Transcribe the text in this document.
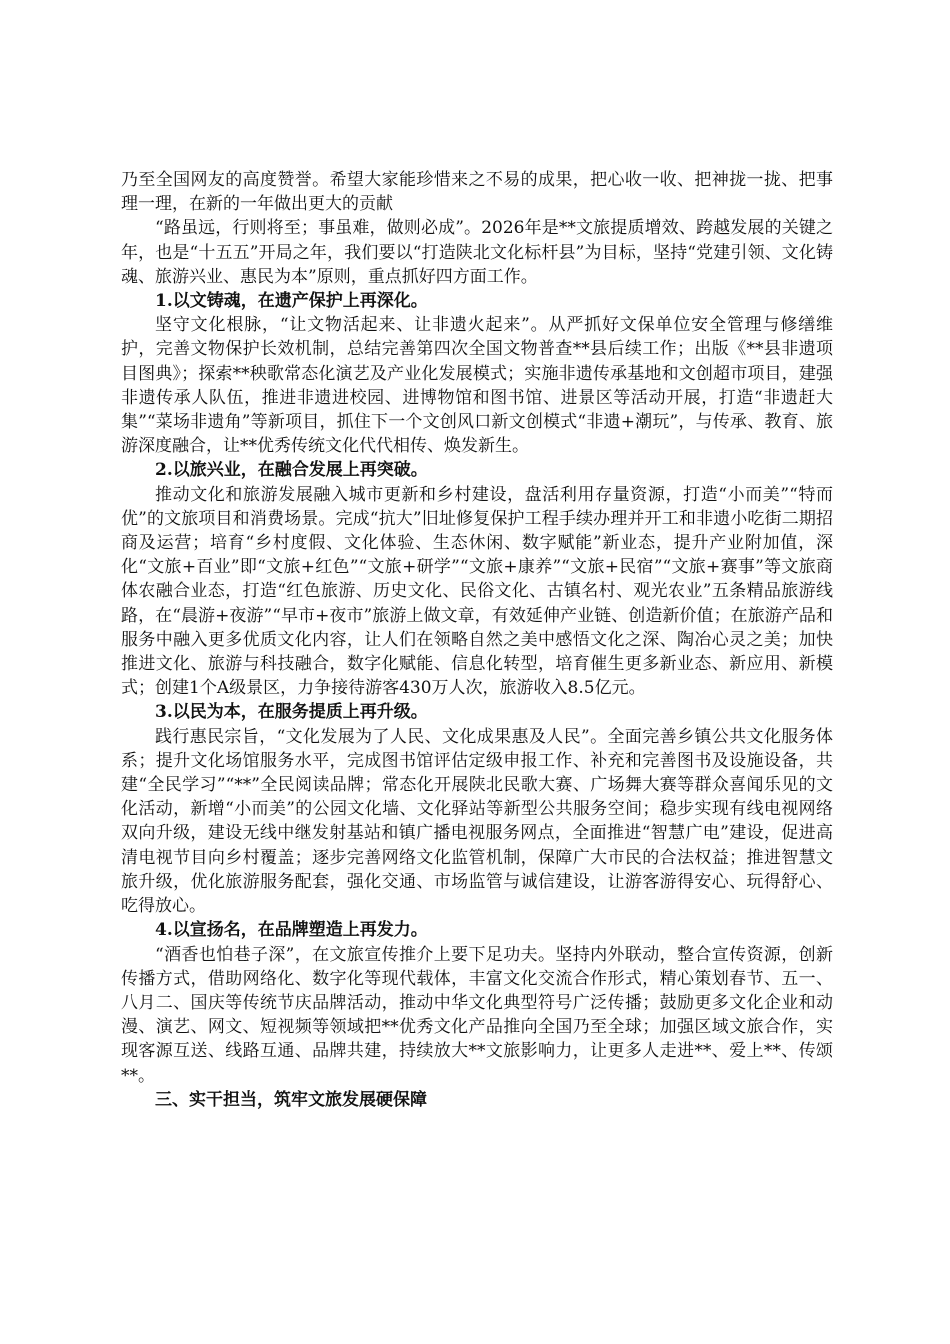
乃至全国网友的高度赞誉。希望大家能珍惜来之不易的成果，把心收一收、把神拢一拢、把事理一理，在新的一年做出更大的贡献

“路虽远，行则将至；事虽难，做则必成”。2026年是**文旅提质增效、跨越发展的关键之年，也是“十五五”开局之年，我们要以“打造陕北文化标杆县”为目标，坚持“党建引领、文化铸魂、旅游兴业、惠民为本”原则，重点抓好四方面工作。

1.以文铸魂，在遗产保护上再深化。

坚守文化根脉，“让文物活起来、让非遗火起来”。从严抓好文保单位安全管理与修缮维护，完善文物保护长效机制，总结完善第四次全国文物普查**县后续工作；出版《**县非遗项目图典》；探索**秧歌常态化演艺及产业化发展模式；实施非遗传承基地和文创超市项目，建强非遗传承人队伍，推进非遗进校园、进博物馆和图书馆、进景区等活动开展，打造“非遗赶大集”“菜场非遗角”等新项目，抓住下一个文创风口新文创模式“非遗+潮玩”，与传承、教育、旅游深度融合，让**优秀传统文化代代相传、焕发新生。

2.以旅兴业，在融合发展上再突破。

推动文化和旅游发展融入城市更新和乡村建设，盘活利用存量资源，打造“小而美”“特而优”的文旅项目和消费场景。完成“抗大”旧址修复保护工程手续办理并开工和非遗小吃街二期招商及运营；培育“乡村度假、文化体验、生态休闲、数字赋能”新业态，提升产业附加值，深化“文旅+百业”即“文旅+红色”“文旅+研学”“文旅+康养”“文旅+民宿”“文旅+赛事”等文旅商体农融合业态，打造“红色旅游、历史文化、民俗文化、古镇名村、观光农业”五条精品旅游线路，在“晨游+夜游”“早市+夜市”旅游上做文章，有效延伸产业链、创造新价值；在旅游产品和服务中融入更多优质文化内容，让人们在领略自然之美中感悟文化之深、陶冶心灵之美；加快推进文化、旅游与科技融合，数字化赋能、信息化转型，培育催生更多新业态、新应用、新模式；创建1个A级景区，力争接待游客430万人次，旅游收入8.5亿元。

3.以民为本，在服务提质上再升级。

践行惠民宗旨，“文化发展为了人民、文化成果惠及人民”。全面完善乡镇公共文化服务体系；提升文化场馆服务水平，完成图书馆评估定级申报工作、补充和完善图书及设施设备，共建“全民学习”“**”全民阅读品牌；常态化开展陕北民歌大赛、广场舞大赛等群众喜闻乐见的文化活动，新增“小而美”的公园文化墙、文化驿站等新型公共服务空间；稳步实现有线电视网络双向升级，建设无线中继发射基站和镇广播电视服务网点，全面推进“智慧广电”建设，促进高清电视节目向乡村覆盖；逐步完善网络文化监管机制，保障广大市民的合法权益；推进智慧文旅升级，优化旅游服务配套，强化交通、市场监管与诚信建设，让游客游得安心、玩得舒心、吃得放心。

4.以宣扬名，在品牌塑造上再发力。

“酒香也怕巷子深”，在文旅宣传推介上要下足功夫。坚持内外联动，整合宣传资源，创新传播方式，借助网络化、数字化等现代载体，丰富文化交流合作形式，精心策划春节、五一、八月二、国庆等传统节庆品牌活动，推动中华文化典型符号广泛传播；鼓励更多文化企业和动漫、演艺、网文、短视频等领域把**优秀文化产品推向全国乃至全球；加强区域文旅合作，实现客源互送、线路互通、品牌共建，持续放大**文旅影响力，让更多人走进**、爱上**、传颂**。

三、实干担当，筑牢文旅发展硬保障
